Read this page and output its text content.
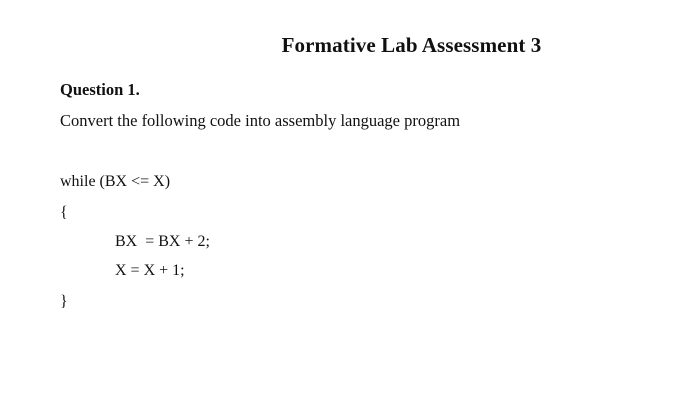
Formative Lab Assessment 3
Question 1.
Convert the following code into assembly language program
while (BX <= X)
{
BX  = BX + 2;
X = X + 1;
}
